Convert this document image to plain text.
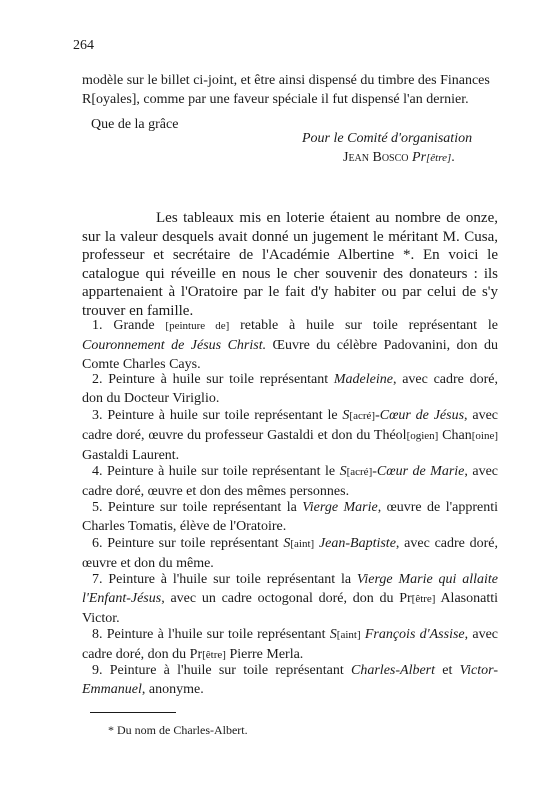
264
modèle sur le billet ci-joint, et être ainsi dispensé du timbre des Finances
R[oyales], comme par une faveur spéciale il fut dispensé l'an dernier.
Que de la grâce
Pour le Comité d'organisation
Jean Bosco Pr[être].
Les tableaux mis en loterie étaient au nombre de onze, sur la valeur desquels avait donné un jugement le méritant M. Cusa, professeur et secrétaire de l'Académie Albertine *. En voici le catalogue qui réveille en nous le cher souvenir des donateurs : ils appartenaient à l'Oratoire par le fait d'y habiter ou par celui de s'y trouver en famille.
1. Grande [peinture de] retable à huile sur toile représentant le Couronnement de Jésus Christ. Œuvre du célèbre Padovanini, don du Comte Charles Cays.
2. Peinture à huile sur toile représentant Madeleine, avec cadre doré, don du Docteur Viriglio.
3. Peinture à huile sur toile représentant le S[acré]-Cœur de Jésus, avec cadre doré, œuvre du professeur Gastaldi et don du Théol[ogien] Chan[oine] Gastaldi Laurent.
4. Peinture à huile sur toile représentant le S[acré]-Cœur de Marie, avec cadre doré, œuvre et don des mêmes personnes.
5. Peinture sur toile représentant la Vierge Marie, œuvre de l'apprenti Charles Tomatis, élève de l'Oratoire.
6. Peinture sur toile représentant S[aint] Jean-Baptiste, avec cadre doré, œuvre et don du même.
7. Peinture à l'huile sur toile représentant la Vierge Marie qui allaite l'Enfant-Jésus, avec un cadre octogonal doré, don du Pr[être] Alasonatti Victor.
8. Peinture à l'huile sur toile représentant S[aint] François d'Assise, avec cadre doré, don du Pr[être] Pierre Merla.
9. Peinture à l'huile sur toile représentant Charles-Albert et Victor-Emmanuel, anonyme.
* Du nom de Charles-Albert.
